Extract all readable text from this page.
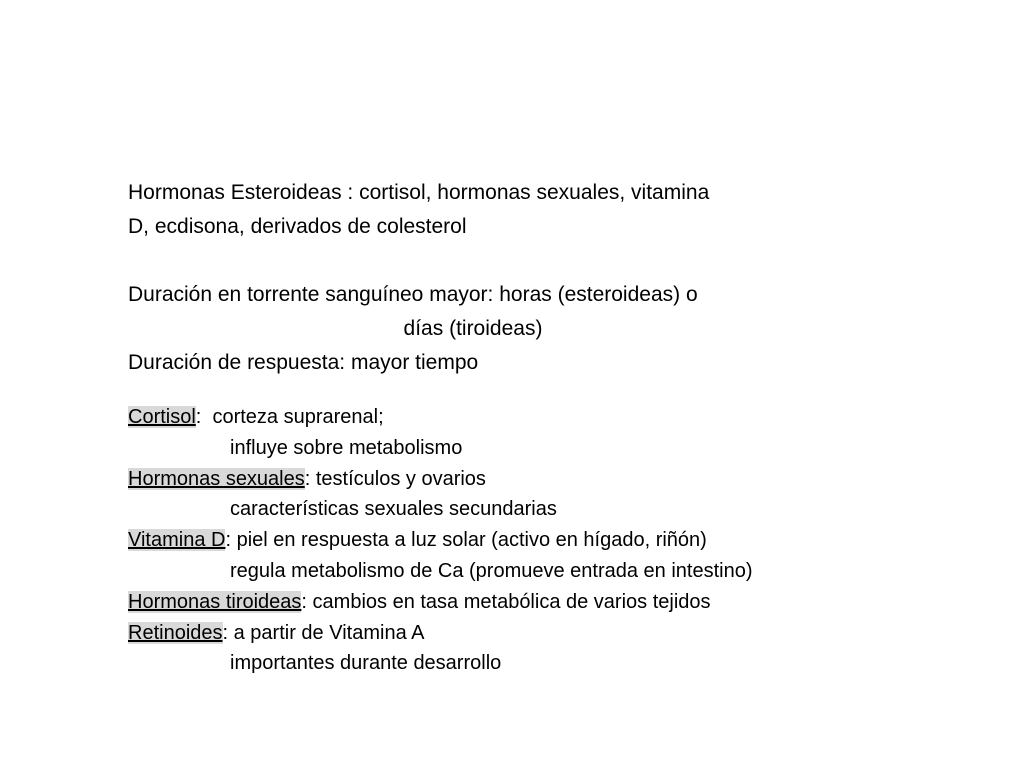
Hormonas Esteroideas : cortisol, hormonas sexuales, vitamina
D, ecdisona, derivados de colesterol
Duración en torrente sanguíneo mayor: horas (esteroideas) o
días (tiroideas)
Duración de respuesta: mayor tiempo
Cortisol:  corteza suprarenal;
influye sobre metabolismo
Hormonas sexuales: testículos y ovarios
características sexuales secundarias
Vitamina D: piel en respuesta a luz solar (activo en hígado, riñón)
regula metabolismo de Ca (promueve entrada en intestino)
Hormonas tiroideas: cambios en tasa metabólica de varios tejidos
Retinoides: a partir de Vitamina A
importantes durante desarrollo
